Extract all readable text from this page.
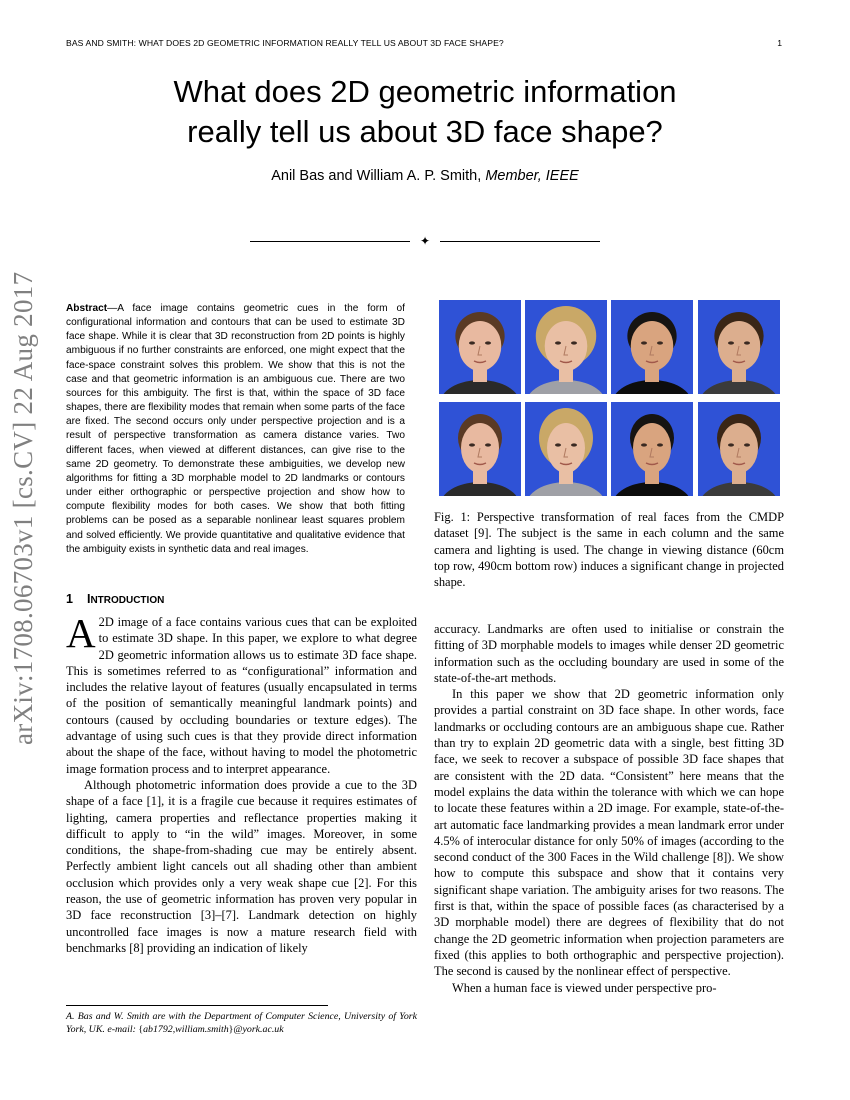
BAS AND SMITH: WHAT DOES 2D GEOMETRIC INFORMATION REALLY TELL US ABOUT 3D FACE SHAPE?	1
What does 2D geometric information
really tell us about 3D face shape?
Anil Bas and William A. P. Smith, Member, IEEE
✦
arXiv:1708.06703v1 [cs.CV] 22 Aug 2017	Abstract—A face image contains geometric cues in the form of configurational information and contours that can be used to estimate 3D face shape. While it is clear that 3D reconstruction from 2D points is highly ambiguous if no further constraints are enforced, one might expect that the face-space constraint solves this problem. We show that this is not the case and that geometric information is an ambiguous cue. There are two sources for this ambiguity. The first is that, within the space of 3D face shapes, there are flexibility modes that remain when some parts of the face are fixed. The second occurs only under perspective projection and is a result of perspective transformation as camera distance varies. Two different faces, when viewed at different distances, can give rise to the same 2D geometry. To demonstrate these ambiguities, we develop new algorithms for fitting a 3D morphable model to 2D landmarks or contours under either orthographic or perspective projection and show how to compute flexibility modes for both cases. We show that both fitting problems can be posed as a separable nonlinear least squares problem and solved efficiently. We provide quantitative and qualitative evidence that the ambiguity exists in synthetic data and real images.
1 INTRODUCTION

A 2D image of a face contains various cues that can be exploited to estimate 3D shape. In this paper, we explore to what degree 2D geometric information allows us to estimate 3D face shape. This is sometimes referred to as “configurational” information and includes the relative layout of features (usually encapsulated in terms of the position of semantically meaningful landmark points) and contours (caused by occluding boundaries or texture edges). The advantage of using such cues is that they provide direct information about the shape of the face, without having to model the photometric image formation process and to interpret appearance.

Although photometric information does provide a cue to the 3D shape of a face [1], it is a fragile cue because it requires estimates of lighting, camera properties and reflectance properties making it difficult to apply to “in the wild” images. Moreover, in some conditions, the shape-from-shading cue may be entirely absent. Perfectly ambient light cancels out all shading other than ambient occlusion which provides only a very weak shape cue [2]. For this reason, the use of geometric information has proven very popular in 3D face reconstruction [3]–[7]. Landmark detection on highly uncontrolled face images is now a mature research field with benchmarks [8] providing an indication of likely

A. Bas and W. Smith are with the Department of Computer Science, University of York York, UK. e-mail: {ab1792,william.smith}@york.ac.uk
Fig. 1: Perspective transformation of real faces from the CMDP dataset [9]. The subject is the same in each column and the same camera and lighting is used. The change in viewing distance (60cm top row, 490cm bottom row) induces a significant change in projected shape.

accuracy. Landmarks are often used to initialise or constrain the fitting of 3D morphable models to images while denser 2D geometric information such as the occluding boundary are used in some of the state-of-the-art methods.

In this paper we show that 2D geometric information only provides a partial constraint on 3D face shape. In other words, face landmarks or occluding contours are an ambiguous shape cue. Rather than try to explain 2D geometric data with a single, best fitting 3D face, we seek to recover a subspace of possible 3D face shapes that are consistent with the 2D data. “Consistent” here means that the model explains the data within the tolerance with which we can hope to locate these features within a 2D image. For example, state-of-the-art automatic face landmarking provides a mean landmark error under 4.5% of interocular distance for only 50% of images (according to the second conduct of the 300 Faces in the Wild challenge [8]). We show how to compute this subspace and show that it contains very significant shape variation. The ambiguity arises for two reasons. The first is that, within the space of possible faces (as characterised by a 3D morphable model) there are degrees of flexibility that do not change the 2D geometric information when projection parameters are fixed (this applies to both orthographic and perspective projection). The second is caused by the nonlinear effect of perspective.

When a human face is viewed under perspective pro-
